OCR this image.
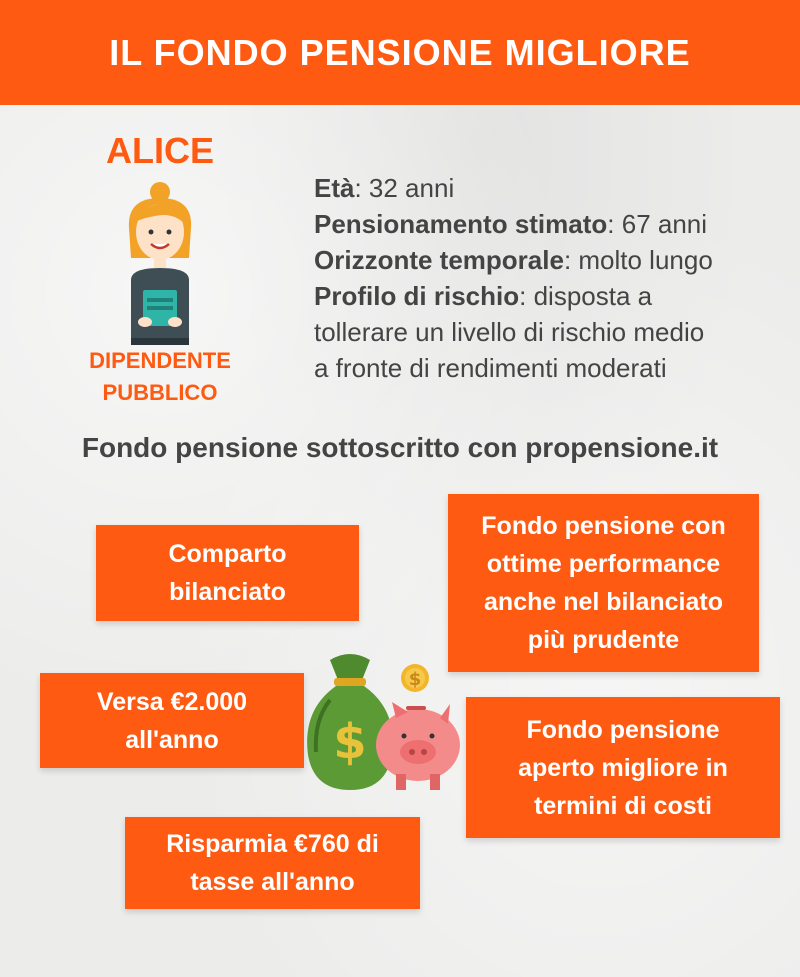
IL FONDO PENSIONE MIGLIORE
ALICE
DIPENDENTE
PUBBLICO

Età: 32 anni

Pensionamento stimato: 67 anni

Orizzonte temporale: molto lungo

Profilo di rischio: disposta a

tollerare un livello di rischio medio

a fronte di rendimenti moderati

Fondo pensione sottoscritto con propensione.it
Comparto
bilanciato
Fondo pensione con
ottime performance
anche nel bilanciato
più prudente
Versa €2.000
all'anno	Fondo pensione
aperto migliore in
termini di costi
Risparmia €760 di
tasse all'anno
$
$
